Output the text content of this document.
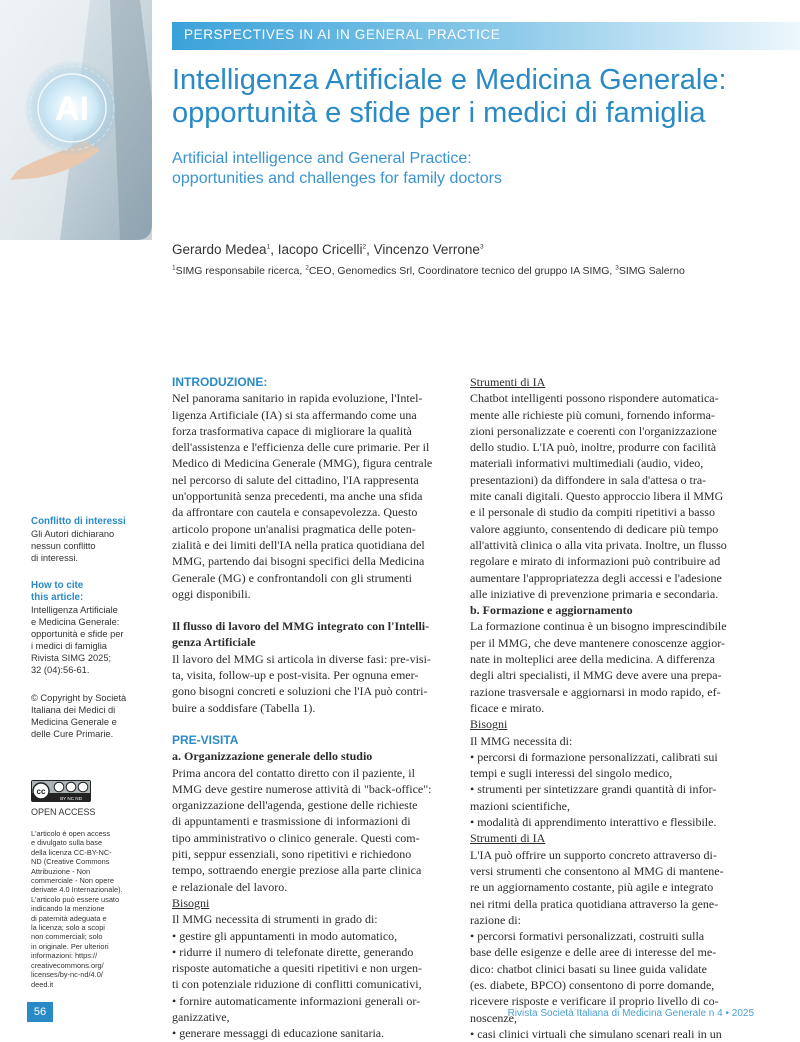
AI
PERSPECTIVES IN AI IN GENERAL PRACTICE
Intelligenza Artificiale e Medicina Generale:
opportunità e sfide per i medici di famiglia
Artificial intelligence and General Practice:
opportunities and challenges for family doctors
Gerardo Medea$^1$, Iacopo Cricelli$^2$, Vincenzo Verrone$^3$
$^1$SIMG responsabile ricerca, $^2$CEO, Genomedics Srl, Coordinatore tecnico del gruppo IA SIMG, $^3$SIMG Salerno
Conflitto di interessi
Gli Autori dichiarano
nessun conflitto
di interessi.
How to cite
this article:
Intelligenza Artificiale
e Medicina Generale:
opportunità e sfide per
i medici di famiglia
Rivista SIMG 2025;
32 (04):56-61.
© Copyright by Società
Italiana dei Medici di
Medicina Generale e
delle Cure Primarie.
cc
BY NC ND
OPEN ACCESS
L'articolo è open access
e divulgato sulla base
della licenza CC-BY-NC-
ND (Creative Commons
Attribuzione - Non
commerciale - Non opere
derivate 4.0 Internazionale).
L'articolo può essere usato
indicando la menzione
di paternità adeguata e
la licenza; solo a scopi
non commerciali; solo
in originale. Per ulteriori
informazioni: https://
creativecommons.org/
licenses/by-nc-nd/4.0/
deed.it

INTRODUZIONE:

Nel panorama sanitario in rapida evoluzione, l'Intel-

ligenza Artificiale (IA) si sta affermando come una

forza trasformativa capace di migliorare la qualità

dell'assistenza e l'efficienza delle cure primarie. Per il

Medico di Medicina Generale (MMG), figura centrale

nel percorso di salute del cittadino, l'IA rappresenta

un'opportunità senza precedenti, ma anche una sfida

da affrontare con cautela e consapevolezza. Questo

articolo propone un'analisi pragmatica delle poten-

zialità e dei limiti dell'IA nella pratica quotidiana del

MMG, partendo dai bisogni specifici della Medicina

Generale (MG) e confrontandoli con gli strumenti

oggi disponibili.

Il flusso di lavoro del MMG integrato con l'Intelli-

genza Artificiale

Il lavoro del MMG si articola in diverse fasi: pre-visi-

ta, visita, follow-up e post-visita. Per ognuna emer-

gono bisogni concreti e soluzioni che l'IA può contri-

buire a soddisfare (Tabella 1).

PRE-VISITA

a. Organizzazione generale dello studio

Prima ancora del contatto diretto con il paziente, il

MMG deve gestire numerose attività di "back-office":

organizzazione dell'agenda, gestione delle richieste

di appuntamenti e trasmissione di informazioni di

tipo amministrativo o clinico generale. Questi com-

piti, seppur essenziali, sono ripetitivi e richiedono

tempo, sottraendo energie preziose alla parte clinica

e relazionale del lavoro.

Bisogni

Il MMG necessita di strumenti in grado di:

• gestire gli appuntamenti in modo automatico,

• ridurre il numero di telefonate dirette, generando

risposte automatiche a quesiti ripetitivi e non urgen-

ti con potenziale riduzione di conflitti comunicativi,

• fornire automaticamente informazioni generali or-

ganizzative,

• generare messaggi di educazione sanitaria.

Strumenti di IA

Chatbot intelligenti possono rispondere automatica-

mente alle richieste più comuni, fornendo informa-

zioni personalizzate e coerenti con l'organizzazione

dello studio. L'IA può, inoltre, produrre con facilità

materiali informativi multimediali (audio, video,

presentazioni) da diffondere in sala d'attesa o tra-

mite canali digitali. Questo approccio libera il MMG

e il personale di studio da compiti ripetitivi a basso

valore aggiunto, consentendo di dedicare più tempo

all'attività clinica o alla vita privata. Inoltre, un flusso

regolare e mirato di informazioni può contribuire ad

aumentare l'appropriatezza degli accessi e l'adesione

alle iniziative di prevenzione primaria e secondaria.

b. Formazione e aggiornamento

La formazione continua è un bisogno imprescindibile

per il MMG, che deve mantenere conoscenze aggior-

nate in molteplici aree della medicina. A differenza

degli altri specialisti, il MMG deve avere una prepa-

razione trasversale e aggiornarsi in modo rapido, ef-

ficace e mirato.

Bisogni

Il MMG necessita di:

• percorsi di formazione personalizzati, calibrati sui

tempi e sugli interessi del singolo medico,

• strumenti per sintetizzare grandi quantità di infor-

mazioni scientifiche,

• modalità di apprendimento interattivo e flessibile.

Strumenti di IA

L'IA può offrire un supporto concreto attraverso di-

versi strumenti che consentono al MMG di mantene-

re un aggiornamento costante, più agile e integrato

nei ritmi della pratica quotidiana attraverso la gene-

razione di:

• percorsi formativi personalizzati, costruiti sulla

base delle esigenze e delle aree di interesse del me-

dico: chatbot clinici basati su linee guida validate

(es. diabete, BPCO) consentono di porre domande,

ricevere risposte e verificare il proprio livello di co-

noscenze,

• casi clinici virtuali che simulano scenari reali in un

56	Rivista Società Italiana di Medicina Generale n 4 • 2025
